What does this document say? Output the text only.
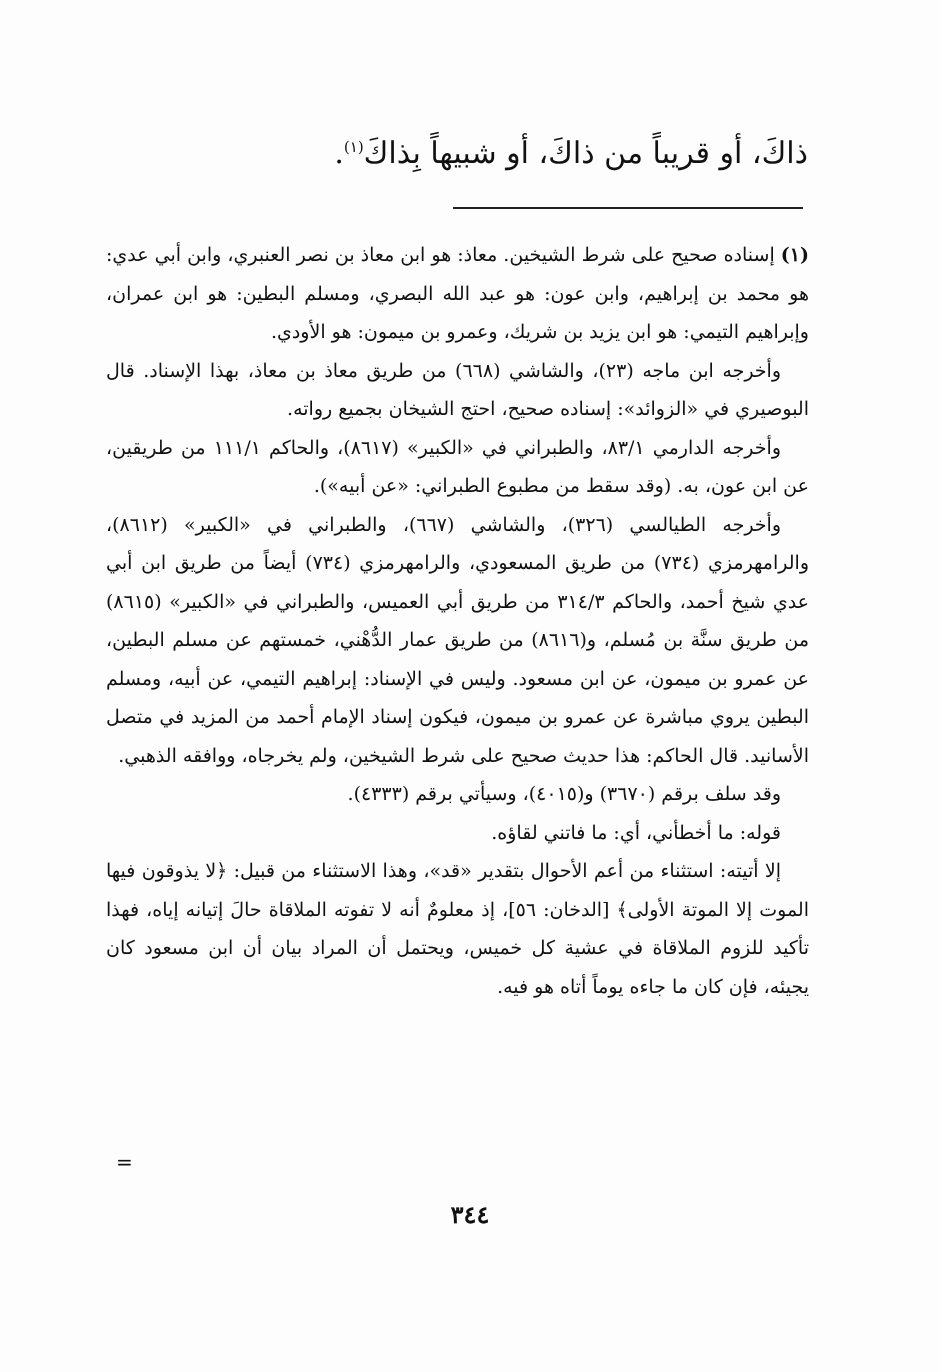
ذاكَ، أو قريباً من ذاكَ، أو شبيهاً بِذاكَ$^{(١)}$.

(١) إسناده صحيح على شرط الشيخين. معاذ: هو ابن معاذ بن نصر العنبري، وابن أبي عدي: هو محمد بن إبراهيم، وابن عون: هو عبد الله البصري، ومسلم البطين: هو ابن عمران، وإبراهيم التيمي: هو ابن يزيد بن شريك، وعمرو بن ميمون: هو الأودي.

وأخرجه ابن ماجه (٢٣)، والشاشي (٦٦٨) من طريق معاذ بن معاذ، بهذا الإسناد. قال البوصيري في «الزوائد»: إسناده صحيح، احتج الشيخان بجميع رواته.

وأخرجه الدارمي ٨٣/١، والطبراني في «الكبير» (٨٦١٧)، والحاكم ١١١/١ من طريقين، عن ابن عون، به. (وقد سقط من مطبوع الطبراني: «عن أبيه»).

وأخرجه الطيالسي (٣٢٦)، والشاشي (٦٦٧)، والطبراني في «الكبير» (٨٦١٢)، والرامهرمزي (٧٣٤) من طريق المسعودي، والرامهرمزي (٧٣٤) أيضاً من طريق ابن أبي عدي شيخ أحمد، والحاكم ٣١٤/٣ من طريق أبي العميس، والطبراني في «الكبير» (٨٦١٥) من طريق سنَّة بن مُسلم، و(٨٦١٦) من طريق عمار الدُّهْني، خمستهم عن مسلم البطين، عن عمرو بن ميمون، عن ابن مسعود. وليس في الإسناد: إبراهيم التيمي، عن أبيه، ومسلم البطين يروي مباشرة عن عمرو بن ميمون، فيكون إسناد الإمام أحمد من المزيد في متصل الأسانيد. قال الحاكم: هذا حديث صحيح على شرط الشيخين، ولم يخرجاه، ووافقه الذهبي.

وقد سلف برقم (٣٦٧٠) و(٤٠١٥)، وسيأتي برقم (٤٣٣٣).

قوله: ما أخطأني، أي: ما فاتني لقاؤه.

إلا أتيته: استثناء من أعم الأحوال بتقدير «قد»، وهذا الاستثناء من قبيل: ﴿لا يذوقون فيها الموت إلا الموتة الأولى﴾ [الدخان: ٥٦]، إذ معلومٌ أنه لا تفوته الملاقاة حالَ إتيانه إياه، فهذا تأكيد للزوم الملاقاة في عشية كل خميس، ويحتمل أن المراد بيان أن ابن مسعود كان يجيئه، فإن كان ما جاءه يوماً أتاه هو فيه.

=
٣٤٤
